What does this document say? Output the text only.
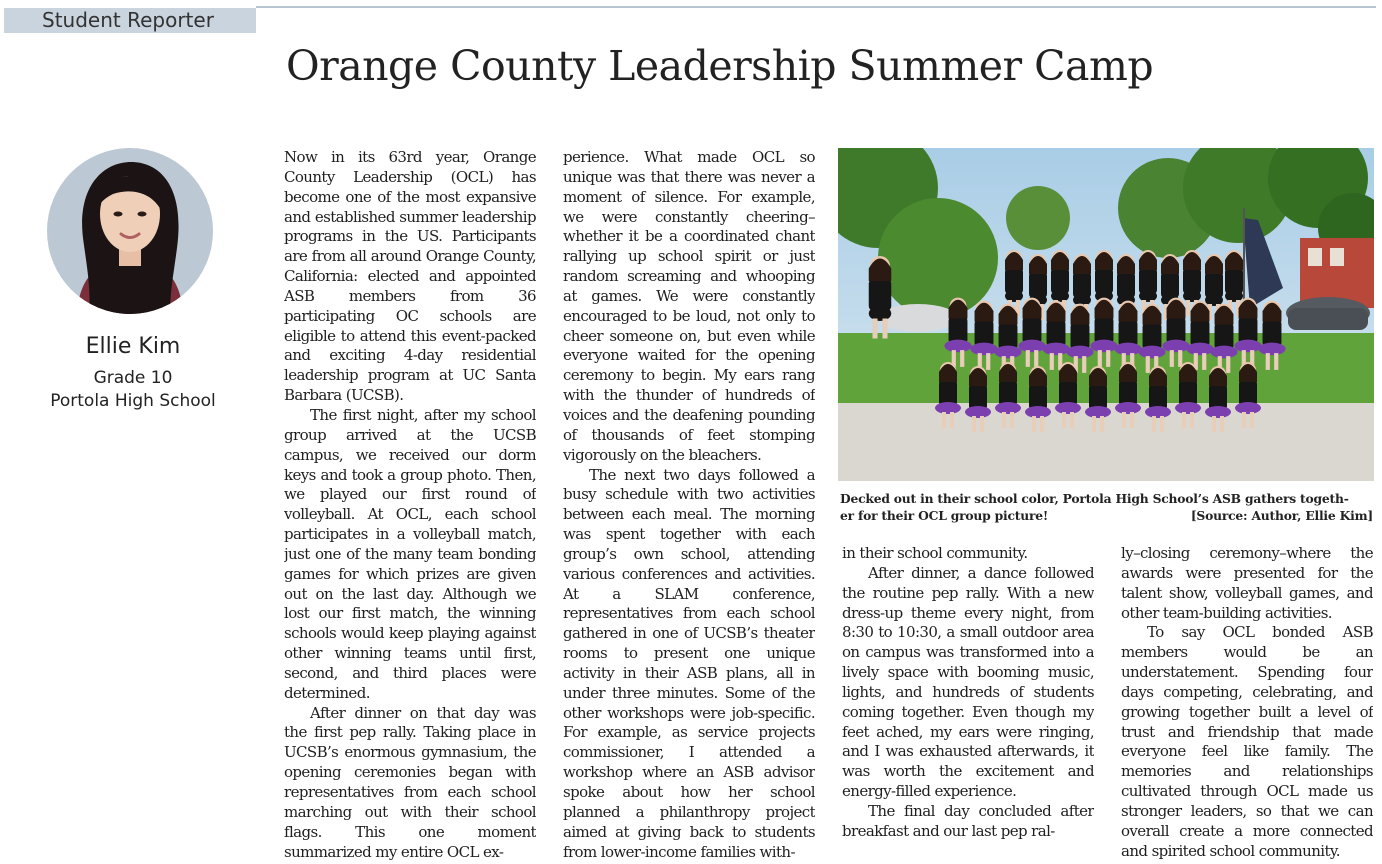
Student Reporter
Orange County Leadership Summer Camp
Ellie Kim
Grade 10
Portola High School
Now in its 63rd year, Orange County Leadership (OCL) has become one of the most expansive and established summer leadership programs in the US. Participants are from all around Orange County, California: elected and appointed ASB members from 36 participating OC schools are eligible to attend this event-packed and exciting 4-day residential leadership program at UC Santa Barbara (UCSB).
The first night, after my school group arrived at the UCSB campus, we received our dorm keys and took a group photo. Then, we played our first round of volleyball. At OCL, each school participates in a volleyball match, just one of the many team bonding games for which prizes are given out on the last day. Although we lost our first match, the winning schools would keep playing against other winning teams until first, second, and third places were determined.
After dinner on that day was the first pep rally. Taking place in UCSB’s enormous gymnasium, the opening ceremonies began with representatives from each school marching out with their school flags. This one moment summarized my entire OCL ex-
perience. What made OCL so unique was that there was never a moment of silence. For example, we were constantly cheering–whether it be a coordinated chant rallying up school spirit or just random screaming and whooping at games. We were constantly encouraged to be loud, not only to cheer someone on, but even while everyone waited for the opening ceremony to begin. My ears rang with the thunder of hundreds of voices and the deafening pounding of thousands of feet stomping vigorously on the bleachers.
The next two days followed a busy schedule with two activities between each meal. The morning was spent together with each group’s own school, attending various conferences and activities. At a SLAM conference, representatives from each school gathered in one of UCSB’s theater rooms to present one unique activity in their ASB plans, all in under three minutes. Some of the other workshops were job-specific. For example, as service projects commissioner, I attended a workshop where an ASB advisor spoke about how her school planned a philanthropy project aimed at giving back to students from lower-income families with-
in their school community.
After dinner, a dance followed the routine pep rally. With a new dress-up theme every night, from 8:30 to 10:30, a small outdoor area on campus was transformed into a lively space with booming music, lights, and hundreds of students coming together. Even though my feet ached, my ears were ringing, and I was exhausted afterwards, it was worth the excitement and energy-filled experience.
The final day concluded after breakfast and our last pep ral-
ly–closing ceremony–where the awards were presented for the talent show, volleyball games, and other team-building activities.
To say OCL bonded ASB members would be an understatement. Spending four days competing, celebrating, and growing together built a level of trust and friendship that made everyone feel like family. The memories and relationships cultivated through OCL made us stronger leaders, so that we can overall create a more connected and spirited school community.
Decked out in their school color, Portola High School’s ASB gathers togeth-
er for their OCL group picture!	[Source: Author, Ellie Kim]
